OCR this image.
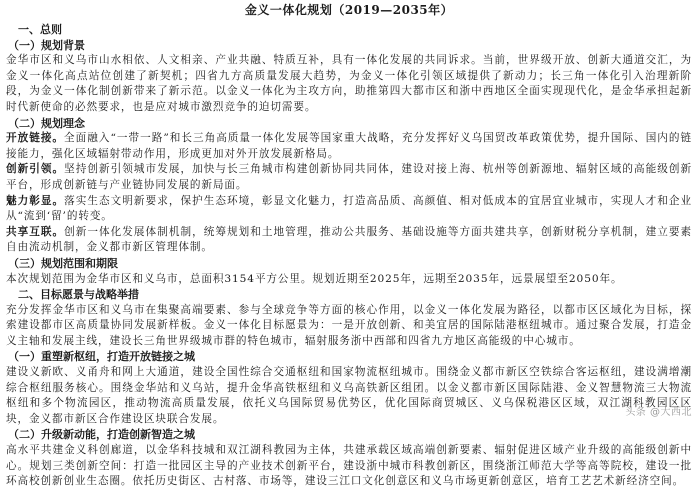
金义一体化规划（2019—2035年）
一、总则
（一）规划背景

金华市区和义乌市山水相依、人文相亲、产业共融、特质互补，具有一体化发展的共同诉求。当前，世界级开放、创新大通道交汇，为金义一体化高点站位创建了新契机；四省九方高质量发展大趋势，为金义一体化引领区域提供了新动力；长三角一体化引入治理新阶段，为金义一体化制创新带来了新示范。以金义一体化为主攻方向，助推第四大都市区和浙中西地区全面实现现代化，是金华承担起新时代新使命的必然要求，也是应对城市激烈竞争的迫切需要。

（二）规划理念

开放链接。全面融入“一带一路”和长三角高质量一体化发展等国家重大战略，充分发挥好义乌国贸改革政策优势，提升国际、国内的链接能力，强化区域辐射带动作用，形成更加对外开放发展新格局。

创新引领。坚持创新引领城市发展，加快与长三角城市构建创新协同共同体，建设对接上海、杭州等创新源地、辐射区域的高能级创新平台，形成创新链与产业链协同发展的新局面。

魅力彰显。落实生态文明新要求，保护生态环境，彰显文化魅力，打造高品质、高颜值、相对低成本的宜居宜业城市，实现人才和企业从“流到‘留’的转变。

共享互联。创新一体化发展体制机制，统筹规划和土地管理，推动公共服务、基础设施等方面共建共享，创新财税分享机制，建立要素自由流动机制，金义都市新区管理体制。

（三）规划范围和期限

本次规划范围为金华市区和义乌市，总面积3154平方公里。规划近期至2025年，远期至2035年，远景展望至2050年。

二、目标愿景与战略举措

充分发挥金华市区和义乌市在集聚高端要素、参与全球竞争等方面的核心作用，以金义一体化发展为路径，以都市区区域化为目标，探索建设都市区高质量协同发展新样板。金义一体化目标愿景为：一是开放创新、和美宜居的国际陆港枢纽城市。通过聚合发展，打造金义主轴和发展主线，建设长三角世界级城市群的特色城市，辐射服务浙中西部和四省九方地区高能级的中心城市。

（一）重塑新枢纽，打造开放链接之城

建设义新欧、义甬舟和网上大通道，建设全国性综合交通枢纽和国家物流枢纽城市。围绕金义都市新区空铁综合客运枢纽，建设满增潮综合枢纽服务核心。围绕金华站和义乌站，提升金华高铁枢纽和义乌高铁新区组团。以金义都市新区国际陆港、金义智慧物流三大物流枢纽和多个物流园区，推动物流高质量发展，依托义乌国际贸易优势区，优化国际商贸城区、义乌保税港区区域，双江湖科教园区区块，金义都市新区合作建设区块联合发展。

（二）升级新动能，打造创新智造之城

高水平共建金义科创廊道，以金华科技城和双江湖科教园为主体，共建承载区域高端创新要素、辐射促进区域产业升级的高能级创新中心。规划三类创新空间：打造一批园区主导的产业技术创新平台，建设浙中城市科教创新区，围绕浙江师范大学等高等院校，建设一批环高校创新创业生态圈。依托历史街区、古村落、市场等，建设三江口文化创意区和义乌市场更新创意区，培育工艺艺术新经济空间。

头条 @大西北
